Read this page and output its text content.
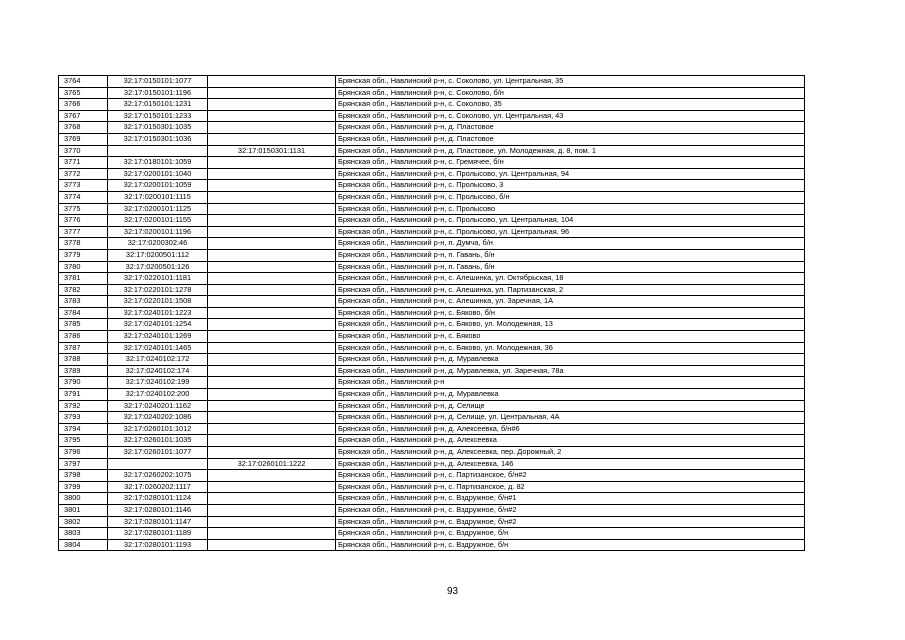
3764	32:17:0150101:1077		Брянская обл., Навлинский р-н, с. Соколово, ул. Центральная, 35
3765	32:17:0150101:1196		Брянская обл., Навлинский р-н, с. Соколово, б/н
3766	32:17:0150101:1231		Брянская обл., Навлинский р-н, с. Соколово, 35
3767	32:17:0150101:1233		Брянская обл., Навлинский р-н, с. Соколово, ул. Центральная, 43
3768	32:17:0150301:1035		Брянская обл., Навлинский р-н, д. Пластовое
3769	32:17:0150301:1036		Брянская обл., Навлинский р-н, д. Пластовое
3770		32:17:0150301:1131	Брянская обл., Навлинский р-н, д. Пластовое, ул. Молодежная, д. 8, пом. 1
3771	32:17:0180101:1059		Брянская обл., Навлинский р-н, с. Гремячее, б/н
3772	32:17:0200101:1040		Брянская обл., Навлинский р-н, с. Пролысово, ул. Центральная, 94
3773	32:17:0200101:1059		Брянская обл., Навлинский р-н, с. Пролысово, 3
3774	32:17:0200101:1115		Брянская обл., Навлинский р-н, с. Пролысово, б/н
3775	32:17:0200101:1125		Брянская обл., Навлинский р-н, с. Пролысово
3776	32:17:0200101:1155		Брянская обл., Навлинский р-н, с. Пролысово, ул. Центральная, 104
3777	32:17:0200101:1196		Брянская обл., Навлинский р-н, с. Пролысово, ул. Центральная, 96
3778	32:17:0200302:46		Брянская обл., Навлинский р-н, п. Думча, б/н
3779	32:17:0200501:112		Брянская обл., Навлинский р-н, п. Гавань, б/н
3780	32:17:0200501:126		Брянская обл., Навлинский р-н, п. Гавань, б/н
3781	32:17:0220101:1181		Брянская обл., Навлинский р-н, с. Алешинка, ул. Октябрьская, 18
3782	32:17:0220101:1278		Брянская обл., Навлинский р-н, с. Алешинка, ул. Партизанская, 2
3783	32:17:0220101:1508		Брянская обл., Навлинский р-н, с. Алешинка, ул. Заречная, 1А
3784	32:17:0240101:1223		Брянская обл., Навлинский р-н, с. Бяково, б/н
3785	32:17:0240101:1254		Брянская обл., Навлинский р-н, с. Бяково, ул. Молодежная, 13
3786	32:17:0240101:1269		Брянская обл., Навлинский р-н, с. Бяково
3787	32:17:0240101:1465		Брянская обл., Навлинский р-н, с. Бяково, ул. Молодежная, 36
3788	32:17:0240102:172		Брянская обл., Навлинский р-н, д. Муравлевка
3789	32:17:0240102:174		Брянская обл., Навлинский р-н, д. Муравлевка, ул. Заречная, 78а
3790	32:17:0240102:199		Брянская обл., Навлинский р-н
3791	32:17:0240102:200		Брянская обл., Навлинский р-н, д. Муравлевка
3792	32:17:0240201:1162		Брянская обл., Навлинский р-н, д. Селище
3793	32:17:0240202:1086		Брянская обл., Навлинский р-н, д. Селище, ул. Центральная, 4А
3794	32:17:0260101:1012		Брянская обл., Навлинский р-н, д. Алексеевка, б/н#6
3795	32:17:0260101:1035		Брянская обл., Навлинский р-н, д. Алексеевка
3796	32:17:0260101:1077		Брянская обл., Навлинский р-н, д. Алексеевка, пер. Дорожный, 2
3797		32:17:0260101:1222	Брянская обл., Навлинский р-н, д. Алексеевка, 146
3798	32:17:0260202:1075		Брянская обл., Навлинский р-н, с. Партизанское, б/н#2
3799	32:17:0260202:1117		Брянская обл., Навлинский р-н, с. Партизанское, д. 82
3800	32:17:0280101:1124		Брянская обл., Навлинский р-н, с. Вздружное, б/н#1
3801	32:17:0280101:1146		Брянская обл., Навлинский р-н, с. Вздружное, б/н#2
3802	32:17:0280101:1147		Брянская обл., Навлинский р-н, с. Вздружное, б/н#2
3803	32:17:0280101:1189		Брянская обл., Навлинский р-н, с. Вздружное, б/н
3804	32:17:0280101:1193		Брянская обл., Навлинский р-н, с. Вздружное, б/н
93
